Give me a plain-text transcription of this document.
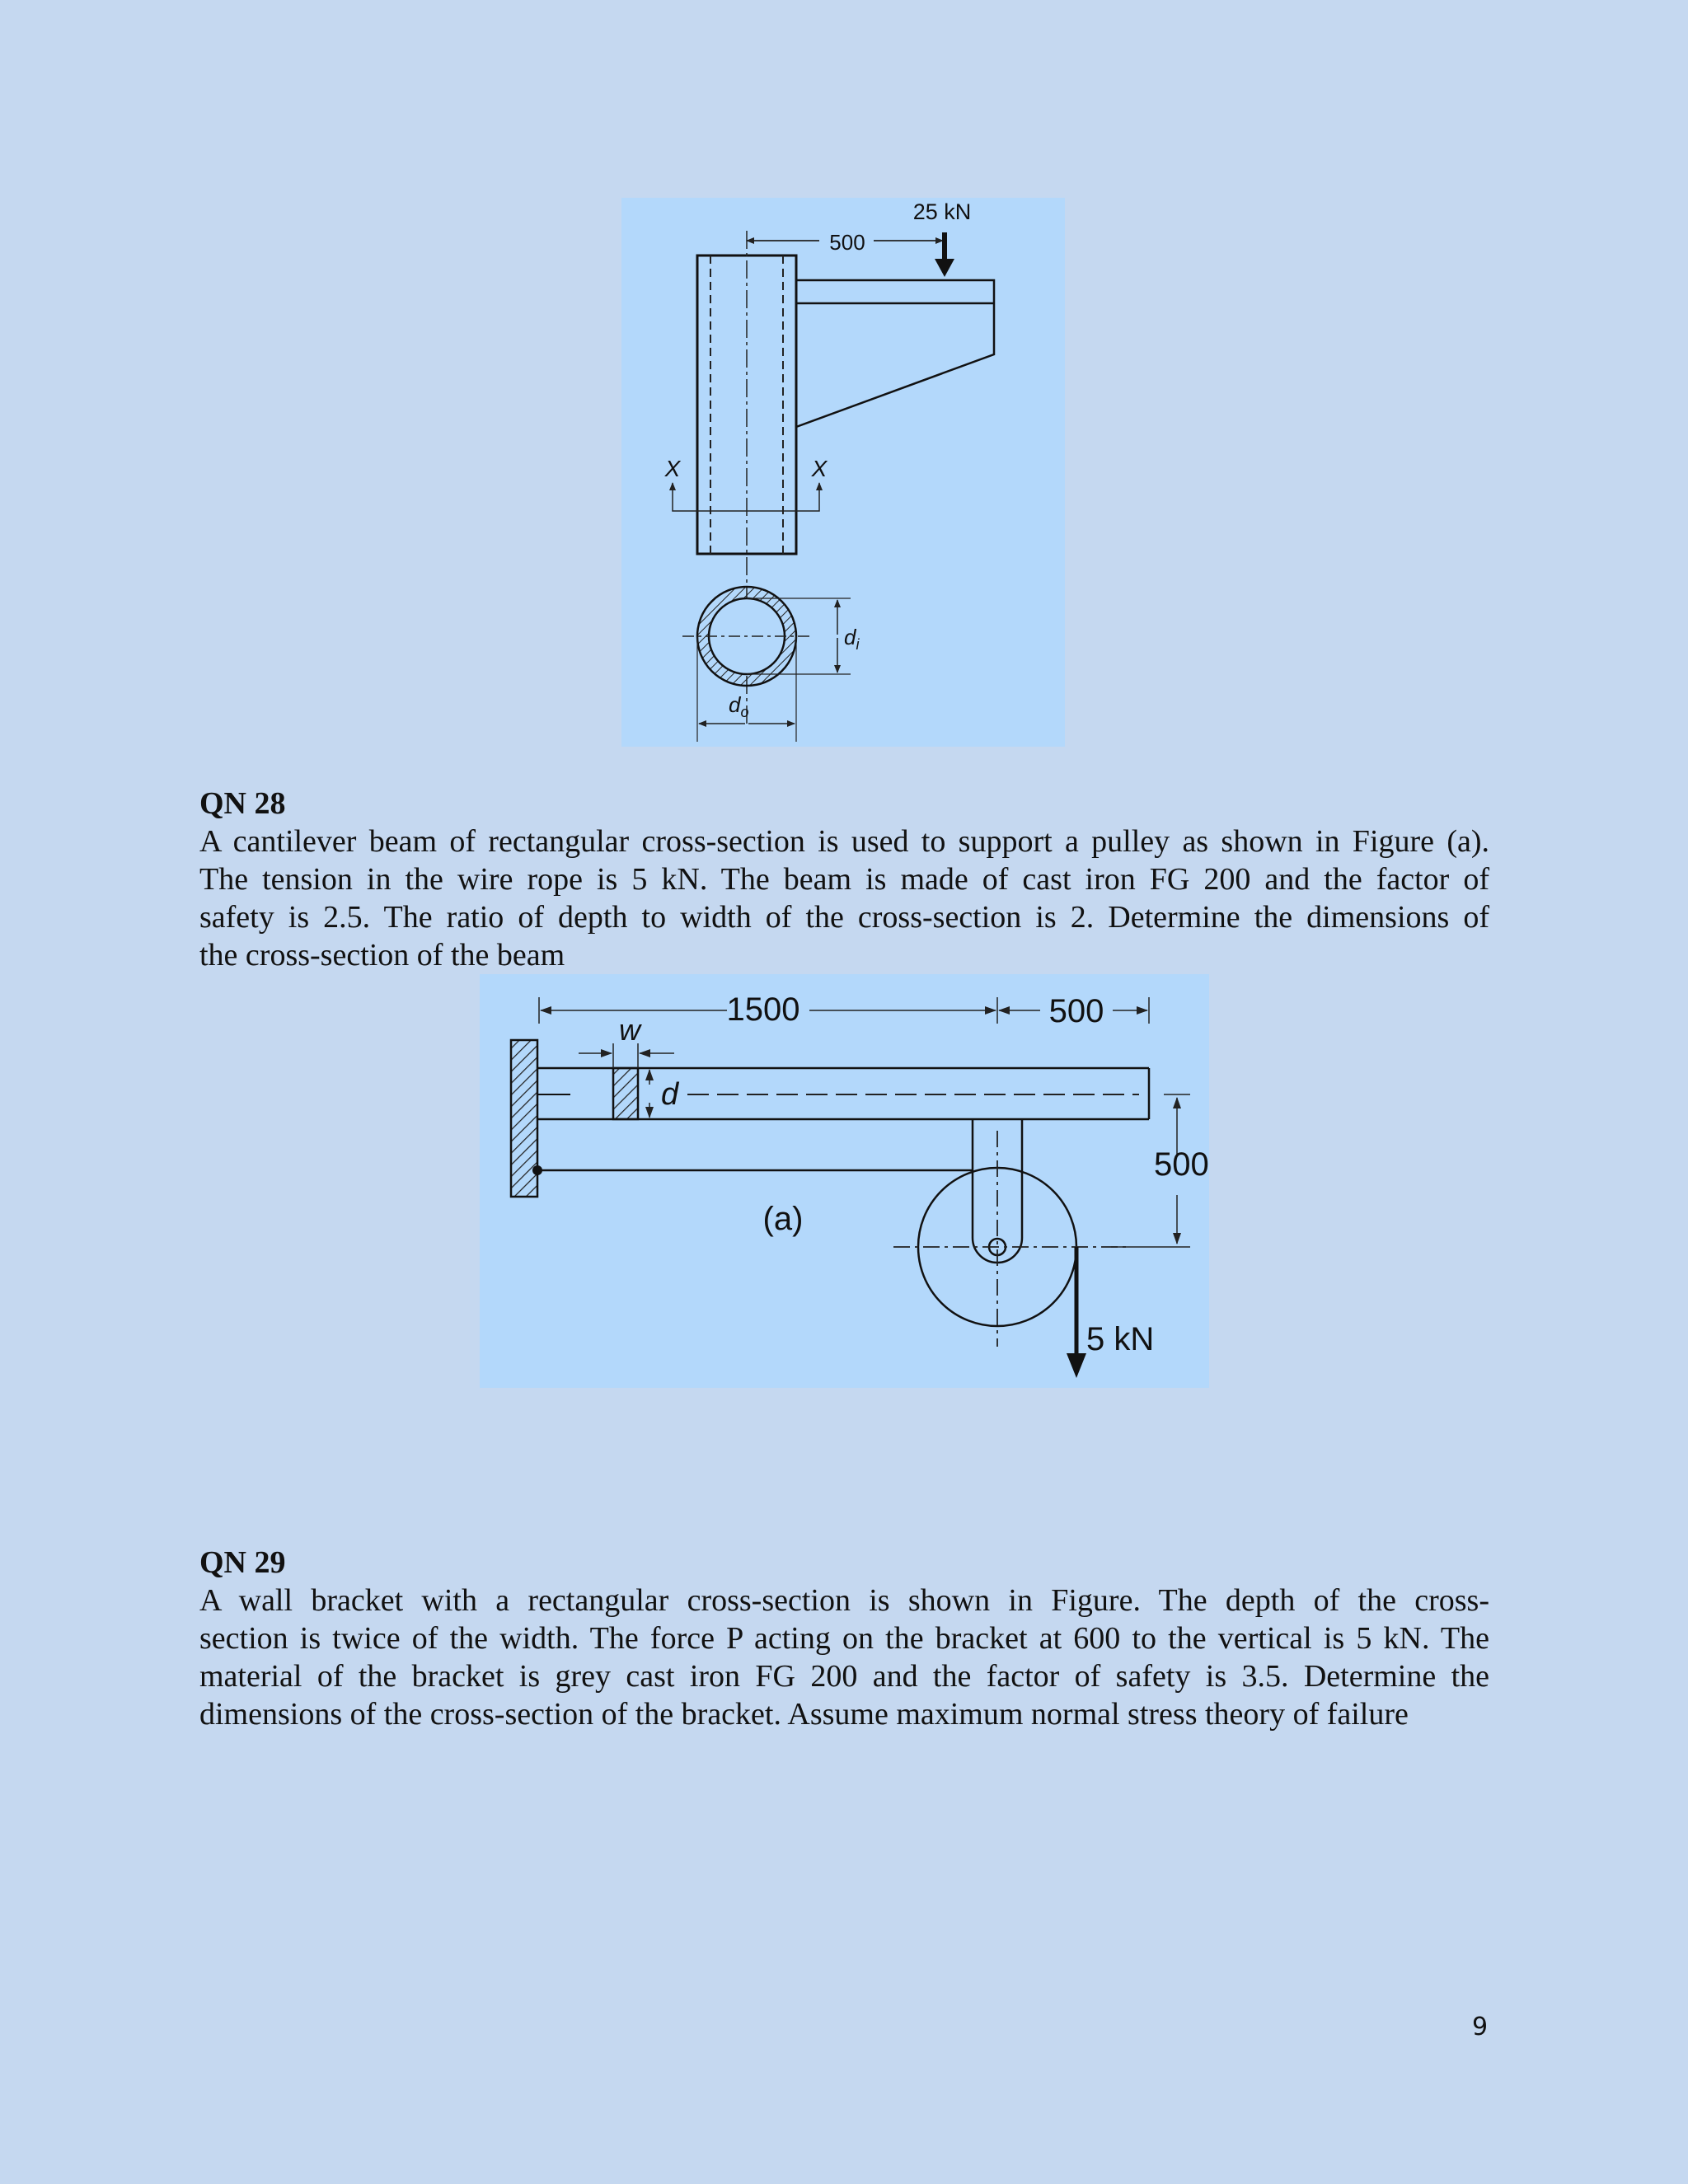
500
25 kN
X	X
$d_i$
$d_o$
QN 28
A cantilever beam of rectangular cross-section is used to support a pulley as shown in Figure (a).
The tension in the wire rope is 5 kN. The beam is made of cast iron FG 200 and the factor of
safety is 2.5. The ratio of depth to width of the cross-section is 2. Determine the dimensions of
the cross-section of the beam
w
d
1500	500
500
5 kN
(a)
QN 29
A wall bracket with a rectangular cross-section is shown in Figure. The depth of the cross-
section is twice of the width. The force P acting on the bracket at 600 to the vertical is 5 kN. The
material of the bracket is grey cast iron FG 200 and the factor of safety is 3.5. Determine the
dimensions of the cross-section of the bracket. Assume maximum normal stress theory of failure
9
